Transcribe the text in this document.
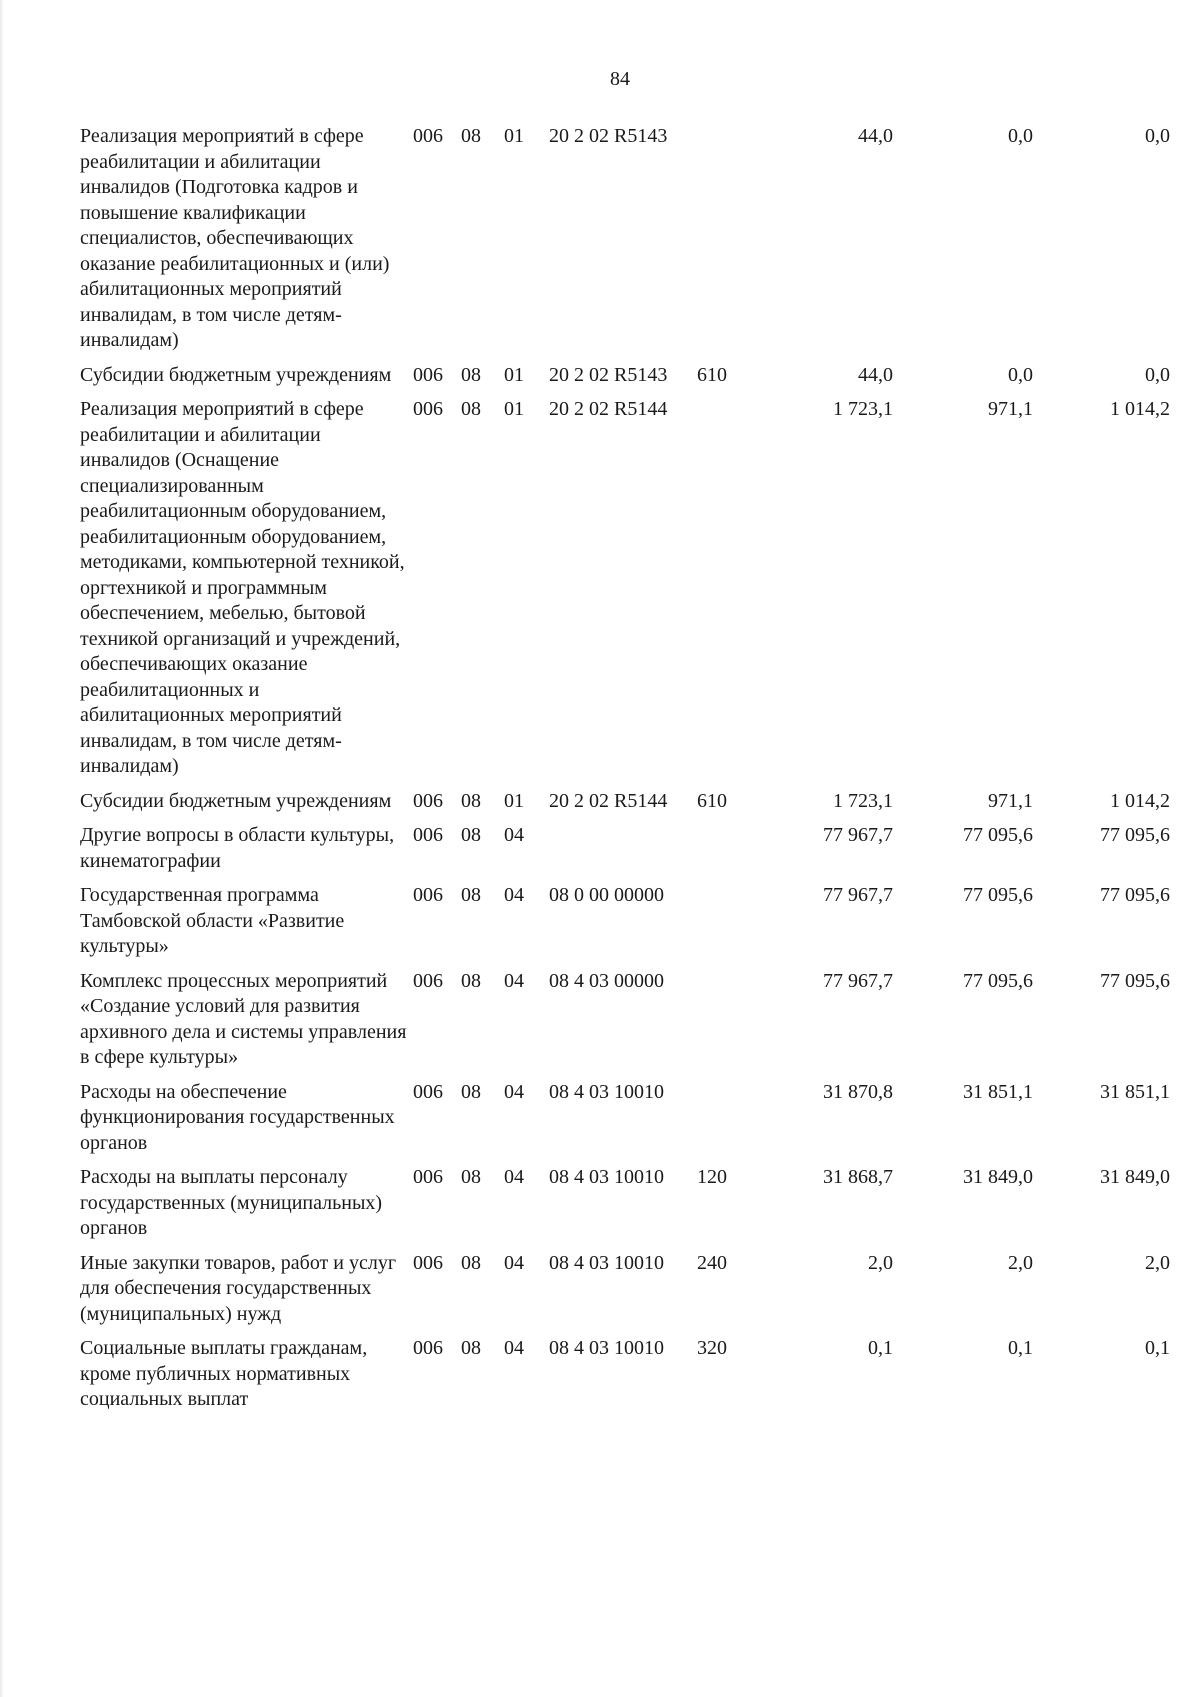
84
Реализация мероприятий в сфере реабилитации и абилитации инвалидов (Подготовка кадров и повышение квалификации специалистов, обеспечивающих оказание реабилитационных и (или) абилитационных мероприятий инвалидам, в том числе детям-инвалидам)	006	08	01	20 2 02 R5143		44,0	0,0	0,0
Субсидии бюджетным учреждениям	006	08	01	20 2 02 R5143	610	44,0	0,0	0,0
Реализация мероприятий в сфере реабилитации и абилитации инвалидов (Оснащение специализированным реабилитационным оборудованием, реабилитационным оборудованием, методиками, компьютерной техникой, оргтехникой и программным обеспечением, мебелью, бытовой техникой организаций и учреждений, обеспечивающих оказание реабилитационных и абилитационных мероприятий инвалидам, в том числе детям-инвалидам)	006	08	01	20 2 02 R5144		1 723,1	971,1	1 014,2
Субсидии бюджетным учреждениям	006	08	01	20 2 02 R5144	610	1 723,1	971,1	1 014,2
Другие вопросы в области культуры, кинематографии	006	08	04			77 967,7	77 095,6	77 095,6
Государственная программа Тамбовской области «Развитие культуры»	006	08	04	08 0 00 00000		77 967,7	77 095,6	77 095,6
Комплекс процессных мероприятий «Создание условий для развития архивного дела и системы управления в сфере культуры»	006	08	04	08 4 03 00000		77 967,7	77 095,6	77 095,6
Расходы на обеспечение функционирования государственных органов	006	08	04	08 4 03 10010		31 870,8	31 851,1	31 851,1
Расходы на выплаты персоналу государственных (муниципальных) органов	006	08	04	08 4 03 10010	120	31 868,7	31 849,0	31 849,0
Иные закупки товаров, работ и услуг для обеспечения государственных (муниципальных) нужд	006	08	04	08 4 03 10010	240	2,0	2,0	2,0
Социальные выплаты гражданам, кроме публичных нормативных социальных выплат	006	08	04	08 4 03 10010	320	0,1	0,1	0,1
